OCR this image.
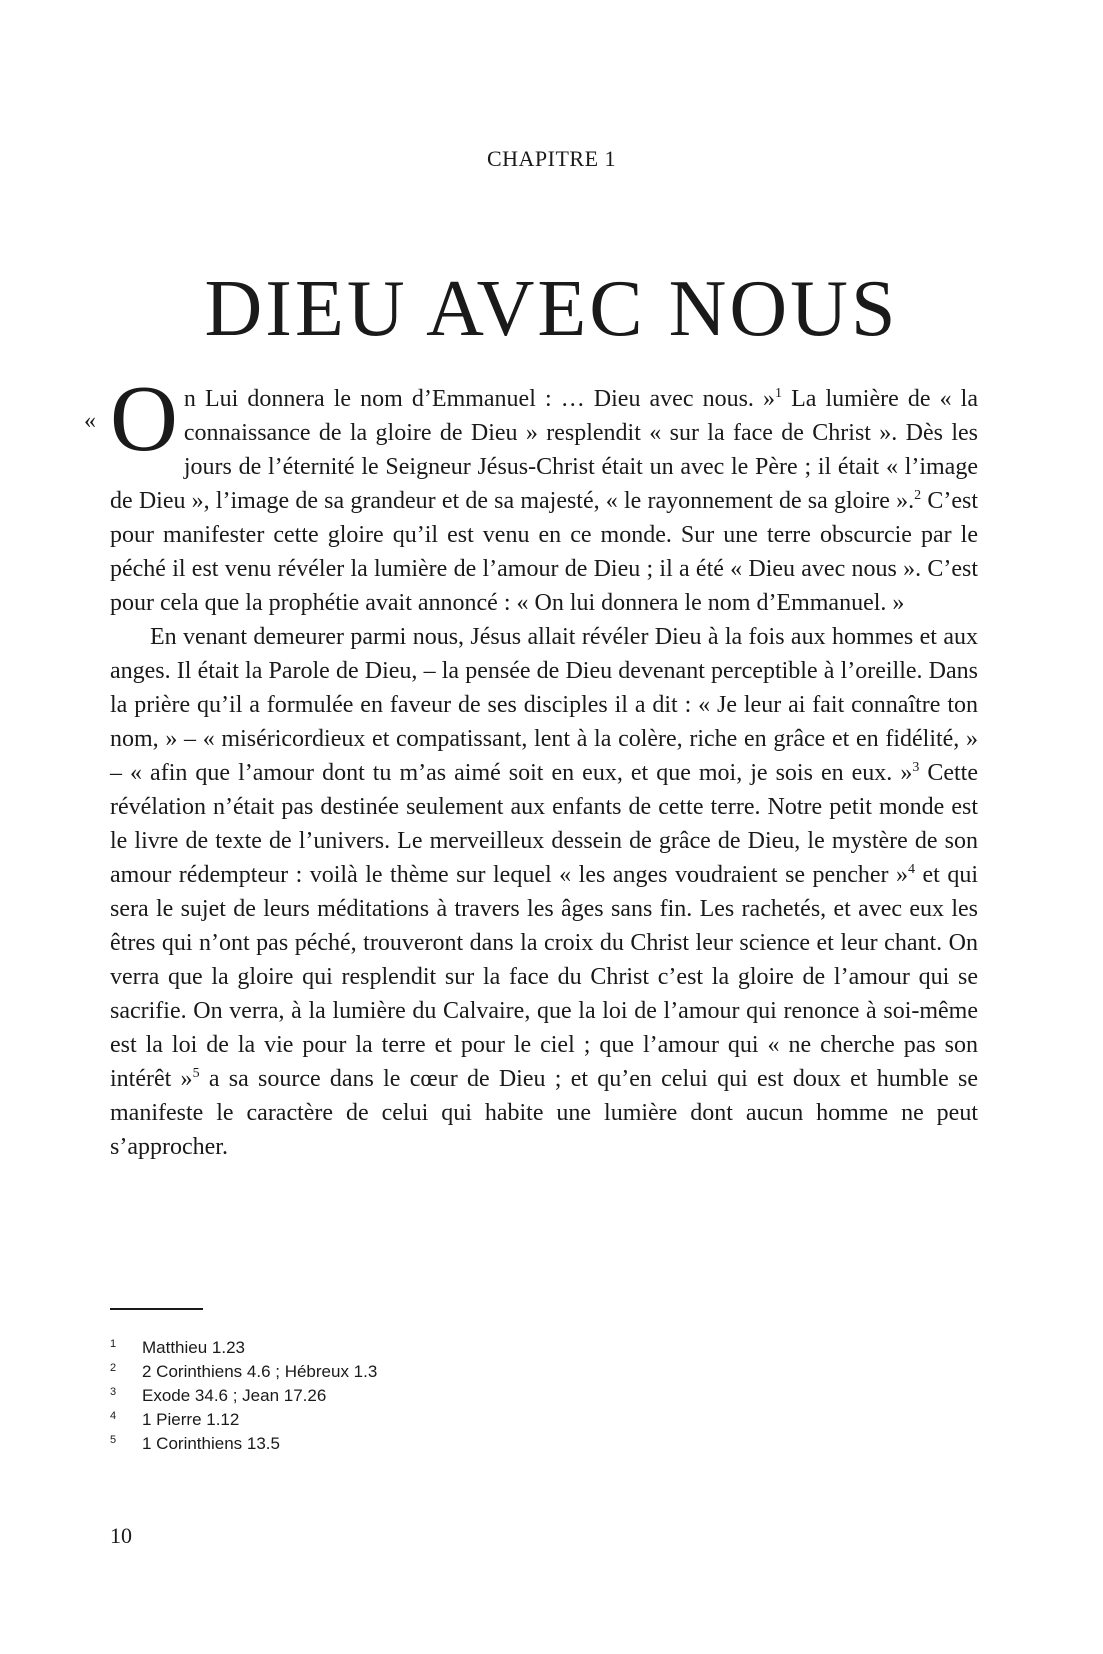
CHAPITRE 1
DIEU AVEC NOUS

« O n Lui donnera le nom d’Emmanuel : … Dieu avec nous. »$^1$ La lumière de « la connaissance de la gloire de Dieu » resplendit « sur la face de Christ ». Dès les jours de l’éternité le Seigneur Jésus-Christ était un avec le Père ; il était « l’image de Dieu », l’image de sa grandeur et de sa majesté, « le rayonnement de sa gloire ».$^2$ C’est pour manifester cette gloire qu’il est venu en ce monde. Sur une terre obscurcie par le péché il est venu révéler la lumière de l’amour de Dieu ; il a été « Dieu avec nous ». C’est pour cela que la prophétie avait annoncé : « On lui donnera le nom d’Emmanuel. »

En venant demeurer parmi nous, Jésus allait révéler Dieu à la fois aux hommes et aux anges. Il était la Parole de Dieu, – la pensée de Dieu devenant perceptible à l’oreille. Dans la prière qu’il a formulée en faveur de ses disciples il a dit : « Je leur ai fait connaître ton nom, » – « miséricordieux et compatissant, lent à la colère, riche en grâce et en fidélité, » – « afin que l’amour dont tu m’as aimé soit en eux, et que moi, je sois en eux. »$^3$ Cette révélation n’était pas destinée seulement aux enfants de cette terre. Notre petit monde est le livre de texte de l’univers. Le merveilleux dessein de grâce de Dieu, le mystère de son amour rédempteur : voilà le thème sur lequel « les anges voudraient se pencher »$^4$ et qui sera le sujet de leurs méditations à travers les âges sans fin. Les rachetés, et avec eux les êtres qui n’ont pas péché, trouveront dans la croix du Christ leur science et leur chant. On verra que la gloire qui resplendit sur la face du Christ c’est la gloire de l’amour qui se sacrifie. On verra, à la lumière du Calvaire, que la loi de l’amour qui renonce à soi-même est la loi de la vie pour la terre et pour le ciel ; que l’amour qui « ne cherche pas son intérêt »$^5$ a sa source dans le cœur de Dieu ; et qu’en celui qui est doux et humble se manifeste le caractère de celui qui habite une lumière dont aucun homme ne peut s’approcher.

1	Matthieu 1.23
2	2 Corinthiens 4.6 ; Hébreux 1.3
3	Exode 34.6 ; Jean 17.26
4	1 Pierre 1.12
5	1 Corinthiens 13.5
10
